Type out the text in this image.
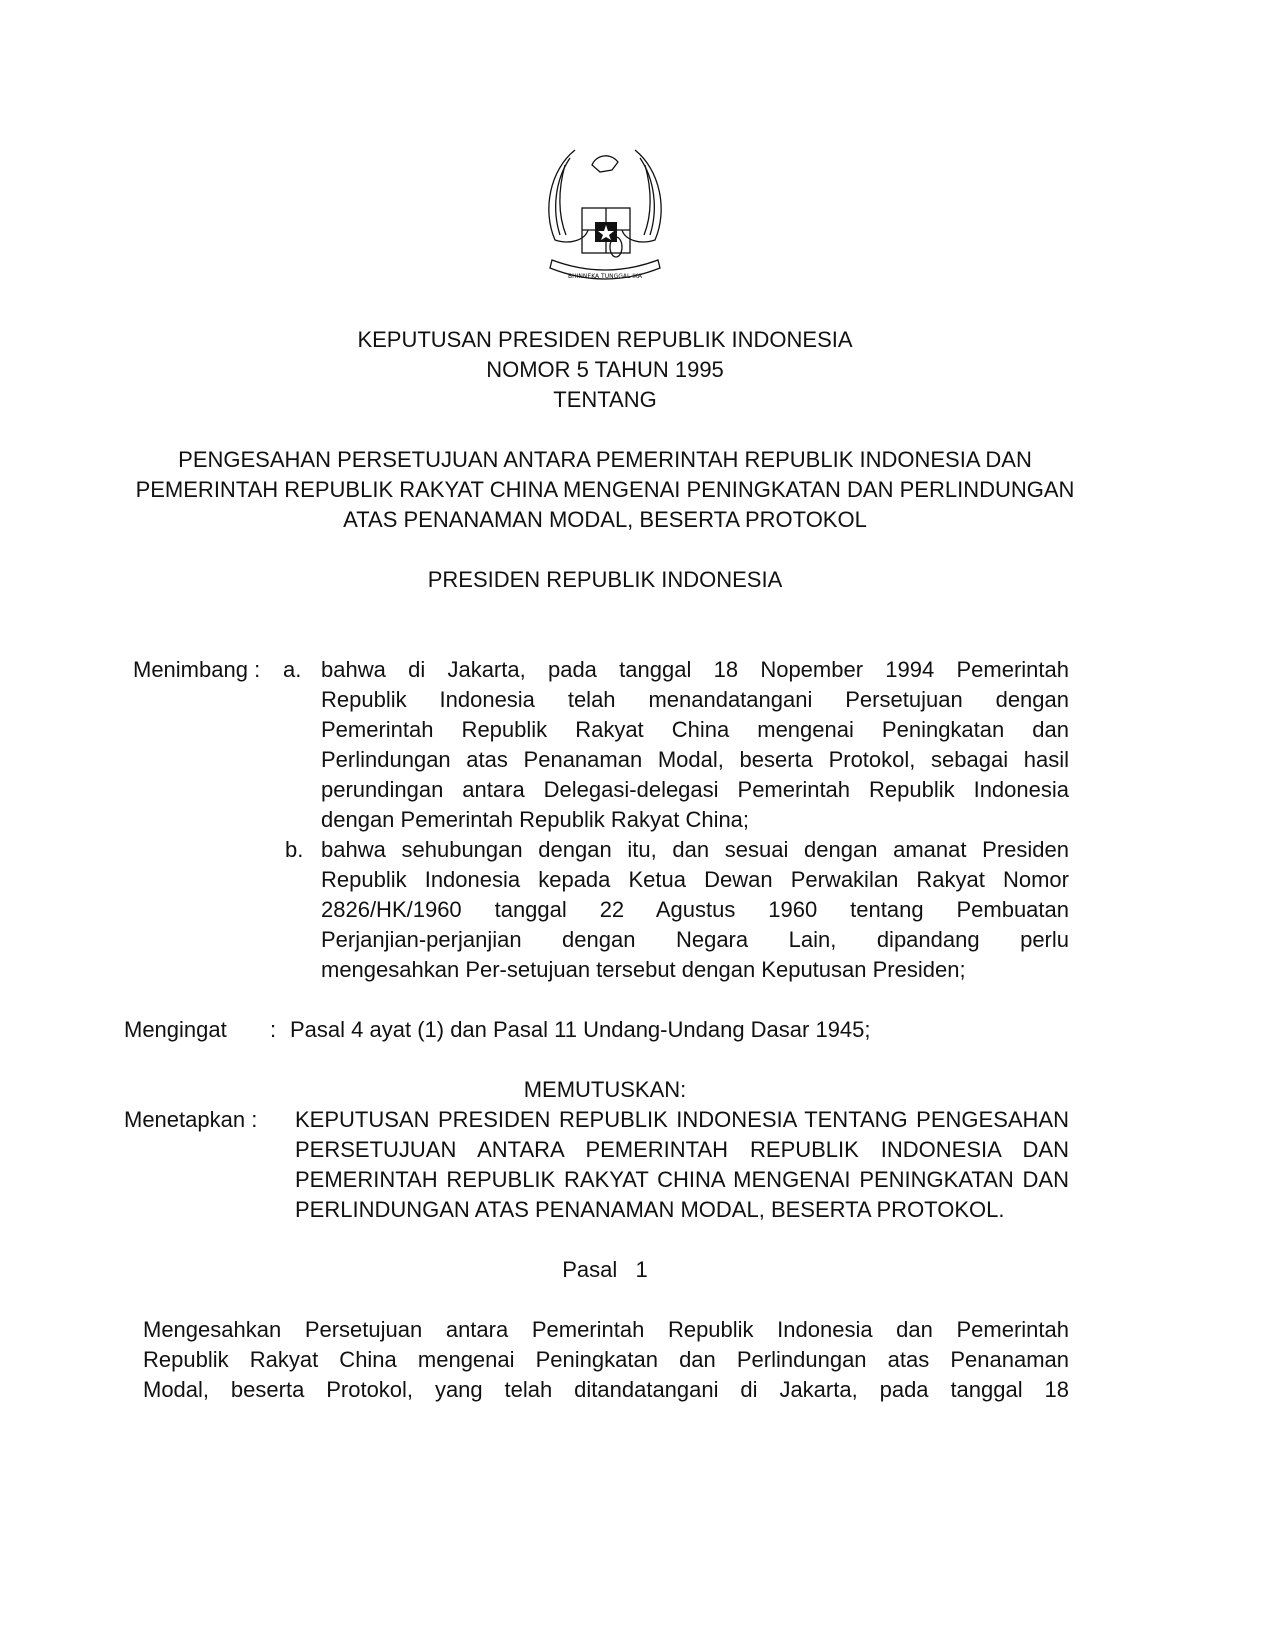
BHINNEKA TUNGGAL IKA
KEPUTUSAN PRESIDEN REPUBLIK INDONESIA
NOMOR 5 TAHUN 1995
TENTANG
PENGESAHAN PERSETUJUAN ANTARA PEMERINTAH REPUBLIK INDONESIA DAN
PEMERINTAH REPUBLIK RAKYAT CHINA MENGENAI PENINGKATAN DAN PERLINDUNGAN
ATAS PENANAMAN MODAL, BESERTA PROTOKOL
PRESIDEN REPUBLIK INDONESIA
Menimbang : a. bahwa di Jakarta, pada tanggal 18 Nopember 1994 Pemerintah
Republik Indonesia telah menandatangani Persetujuan dengan
Pemerintah Republik Rakyat China mengenai Peningkatan dan
Perlindungan atas Penanaman Modal, beserta Protokol, sebagai hasil
perundingan antara Delegasi-delegasi Pemerintah Republik Indonesia
dengan Pemerintah Republik Rakyat China;
b. bahwa sehubungan dengan itu, dan sesuai dengan amanat Presiden
Republik Indonesia kepada Ketua Dewan Perwakilan Rakyat Nomor
2826/HK/1960 tanggal 22 Agustus 1960 tentang Pembuatan
Perjanjian-perjanjian dengan Negara Lain, dipandang perlu
mengesahkan Per-setujuan tersebut dengan Keputusan Presiden;
Mengingat : Pasal 4 ayat (1) dan Pasal 11 Undang-Undang Dasar 1945;
MEMUTUSKAN:
Menetapkan : KEPUTUSAN PRESIDEN REPUBLIK INDONESIA TENTANG PENGESAHAN
PERSETUJUAN ANTARA PEMERINTAH REPUBLIK INDONESIA DAN
PEMERINTAH REPUBLIK RAKYAT CHINA MENGENAI PENINGKATAN DAN
PERLINDUNGAN ATAS PENANAMAN MODAL, BESERTA PROTOKOL.
Pasal   1
Mengesahkan Persetujuan antara Pemerintah Republik Indonesia dan Pemerintah
Republik Rakyat China mengenai Peningkatan dan Perlindungan atas Penanaman
Modal, beserta Protokol, yang telah ditandatangani di Jakarta, pada tanggal 18
